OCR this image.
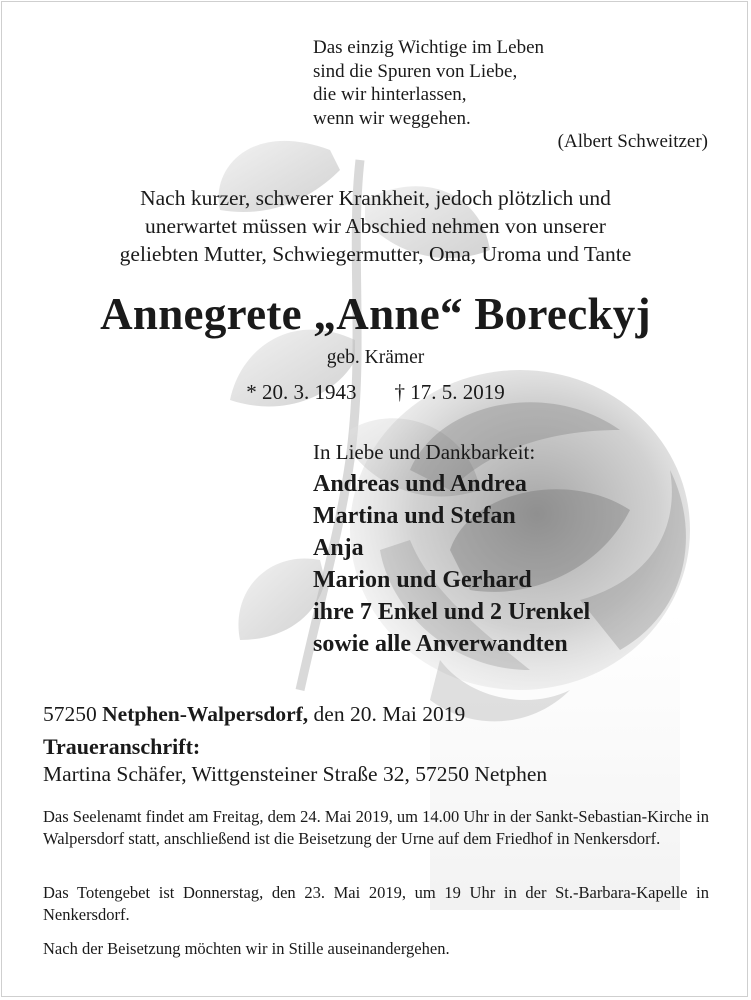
Das einzig Wichtige im Leben
sind die Spuren von Liebe,
die wir hinterlassen,
wenn wir weggehen.
(Albert Schweitzer)
Nach kurzer, schwerer Krankheit, jedoch plötzlich und
unerwartet müssen wir Abschied nehmen von unserer
geliebten Mutter, Schwiegermutter, Oma, Uroma und Tante
Annegrete „Anne“ Boreckyj
geb. Krämer
* 20. 3. 1943 † 17. 5. 2019
In Liebe und Dankbarkeit:
Andreas und Andrea
Martina und Stefan
Anja
Marion und Gerhard
ihre 7 Enkel und 2 Urenkel
sowie alle Anverwandten
57250 Netphen-Walpersdorf, den 20. Mai 2019
Traueranschrift:
Martina Schäfer, Wittgensteiner Straße 32, 57250 Netphen
Das Seelenamt findet am Freitag, dem 24. Mai 2019, um 14.00 Uhr in der Sankt-Sebastian-Kirche in Walpersdorf statt, anschließend ist die Beisetzung der Urne auf dem Friedhof in Nenkersdorf.
Das Totengebet ist Donnerstag, den 23. Mai 2019, um 19 Uhr in der St.-Barbara-Kapelle in Nenkersdorf.
Nach der Beisetzung möchten wir in Stille auseinandergehen.
